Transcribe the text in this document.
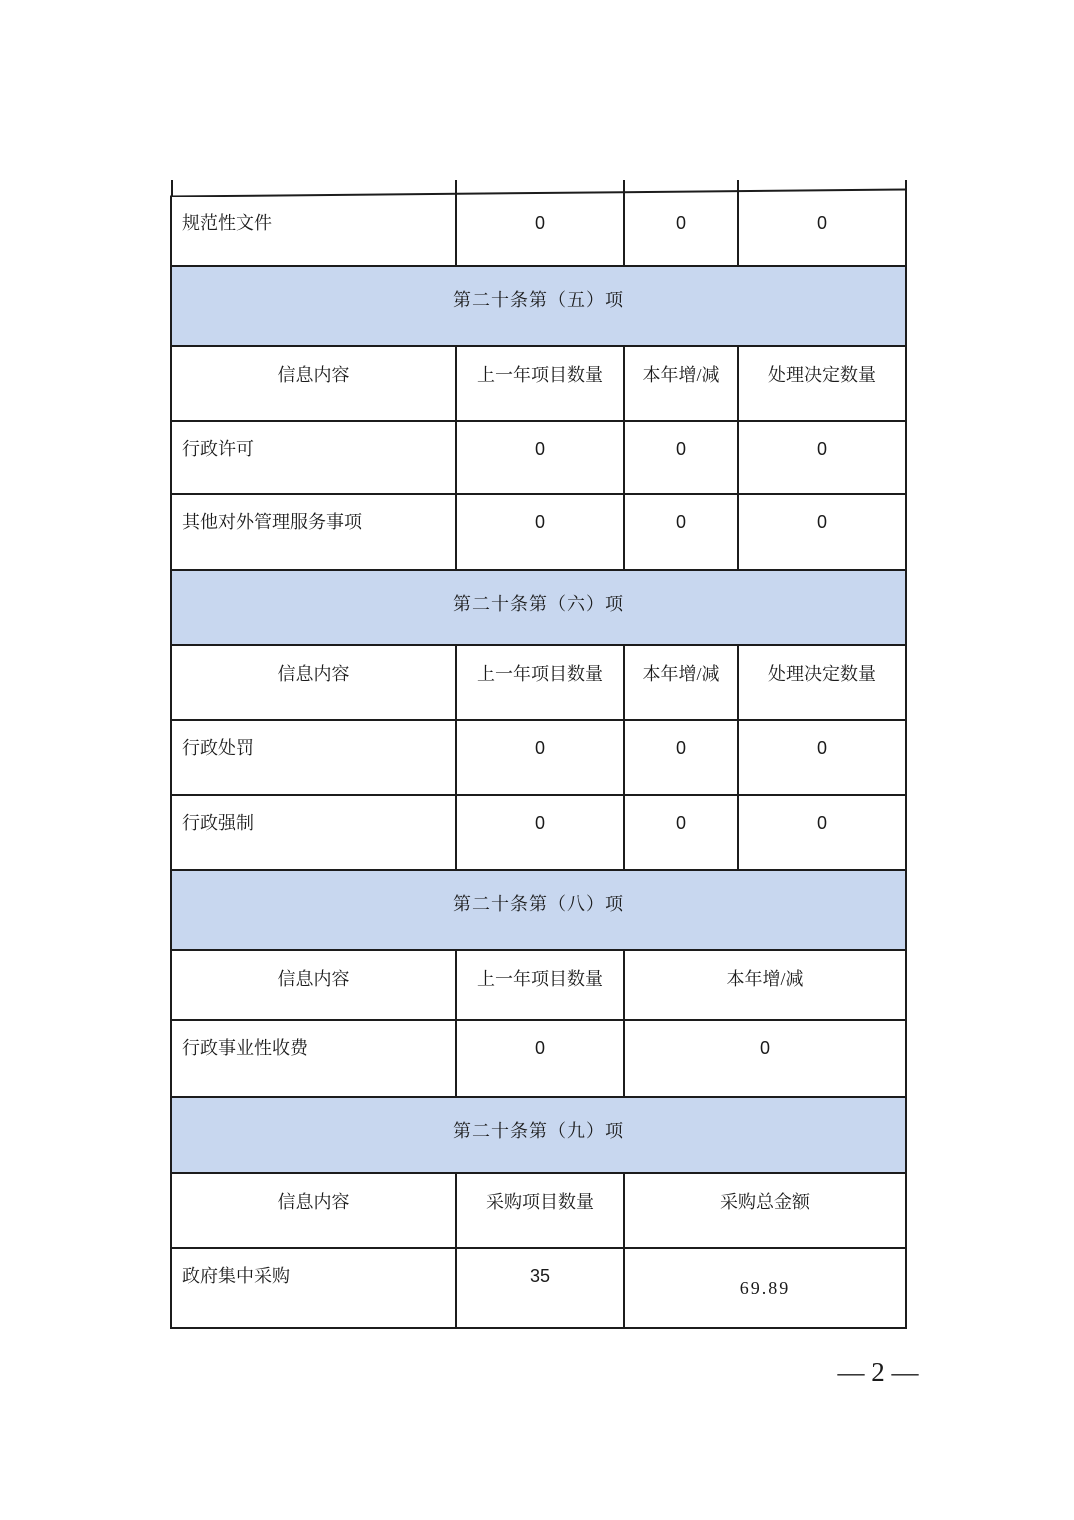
规范性文件	0	0	0
第二十条第（五）项			
信息内容	上一年项目数量	本年增/减	处理决定数量
行政许可	0	0	0
其他对外管理服务事项	0	0	0
第二十条第（六）项			
信息内容	上一年项目数量	本年增/减	处理决定数量
行政处罚	0	0	0
行政强制	0	0	0
第二十条第（八）项			
信息内容	上一年项目数量	本年增/减	
行政事业性收费	0	0	
第二十条第（九）项			
信息内容	采购项目数量	采购总金额	
政府集中采购	35	69.89	
— 2 —
